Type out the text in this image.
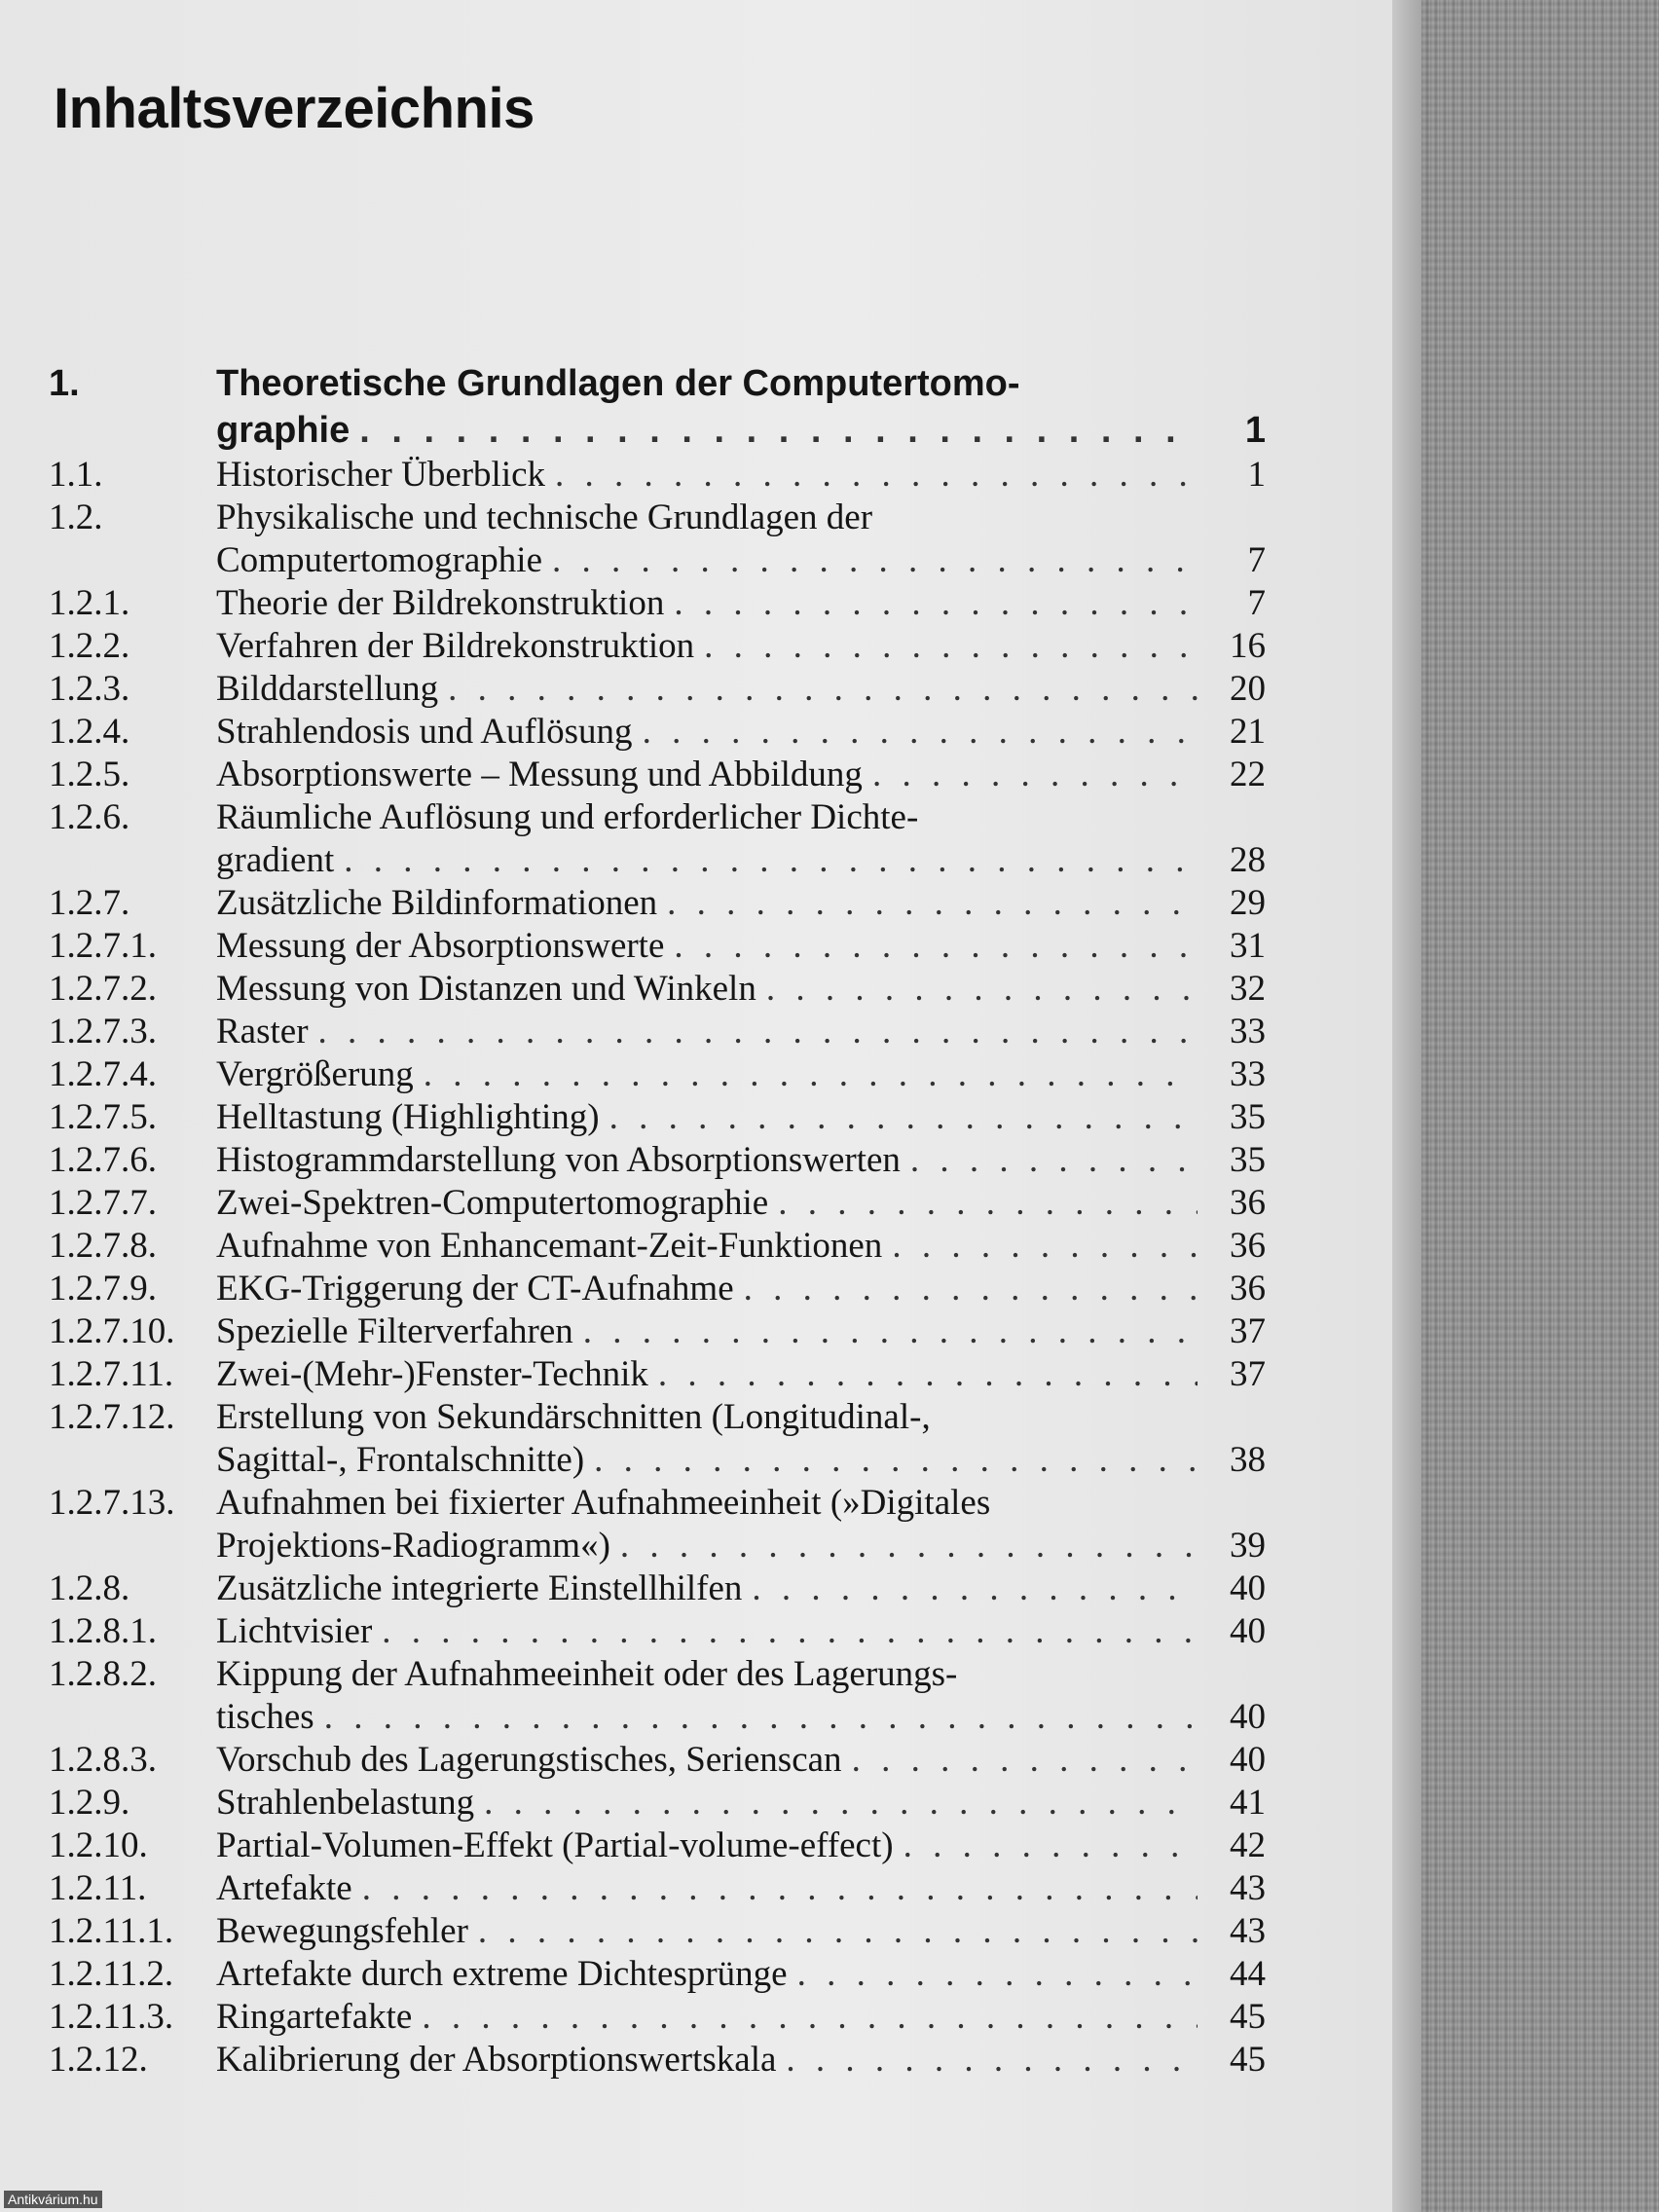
Inhaltsverzeichnis
1.	Theoretische Grundlagen der Computertomo-
graphie . . .	1
1.1.	Historischer Überblick . . .	1
1.2.	Physikalische und technische Grundlagen der
Computertomographie . . .	7
1.2.1.	Theorie der Bildrekonstruktion . . .	7
1.2.2.	Verfahren der Bildrekonstruktion . . .	16
1.2.3.	Bilddarstellung . . .	20
1.2.4.	Strahlendosis und Auflösung . . .	21
1.2.5.	Absorptionswerte – Messung und Abbildung . . .	22
1.2.6.	Räumliche Auflösung und erforderlicher Dichte-
gradient . . .	28
1.2.7.	Zusätzliche Bildinformationen . . .	29
1.2.7.1.	Messung der Absorptionswerte . . .	31
1.2.7.2.	Messung von Distanzen und Winkeln . . .	32
1.2.7.3.	Raster . . .	33
1.2.7.4.	Vergrößerung . . .	33
1.2.7.5.	Helltastung (Highlighting) . . .	35
1.2.7.6.	Histogrammdarstellung von Absorptionswerten . . .	35
1.2.7.7.	Zwei-Spektren-Computertomographie . . .	36
1.2.7.8.	Aufnahme von Enhancemant-Zeit-Funktionen . . .	36
1.2.7.9.	EKG-Triggerung der CT-Aufnahme . . .	36
1.2.7.10.	Spezielle Filterverfahren . . .	37
1.2.7.11.	Zwei-(Mehr-)Fenster-Technik . . .	37
1.2.7.12.	Erstellung von Sekundärschnitten (Longitudinal-,
Sagittal-, Frontalschnitte) . . .	38
1.2.7.13.	Aufnahmen bei fixierter Aufnahmeeinheit (»Digitales
Projektions-Radiogramm«) . . .	39
1.2.8.	Zusätzliche integrierte Einstellhilfen . . .	40
1.2.8.1.	Lichtvisier . . .	40
1.2.8.2.	Kippung der Aufnahmeeinheit oder des Lagerungs-
tisches . . .	40
1.2.8.3.	Vorschub des Lagerungstisches, Serienscan . . .	40
1.2.9.	Strahlenbelastung . . .	41
1.2.10.	Partial-Volumen-Effekt (Partial-volume-effect) . . .	42
1.2.11.	Artefakte . . .	43
1.2.11.1.	Bewegungsfehler . . .	43
1.2.11.2.	Artefakte durch extreme Dichtesprünge . . .	44
1.2.11.3.	Ringartefakte . . .	45
1.2.12.	Kalibrierung der Absorptionswertskala . . .	45
Antikvárium.hu
